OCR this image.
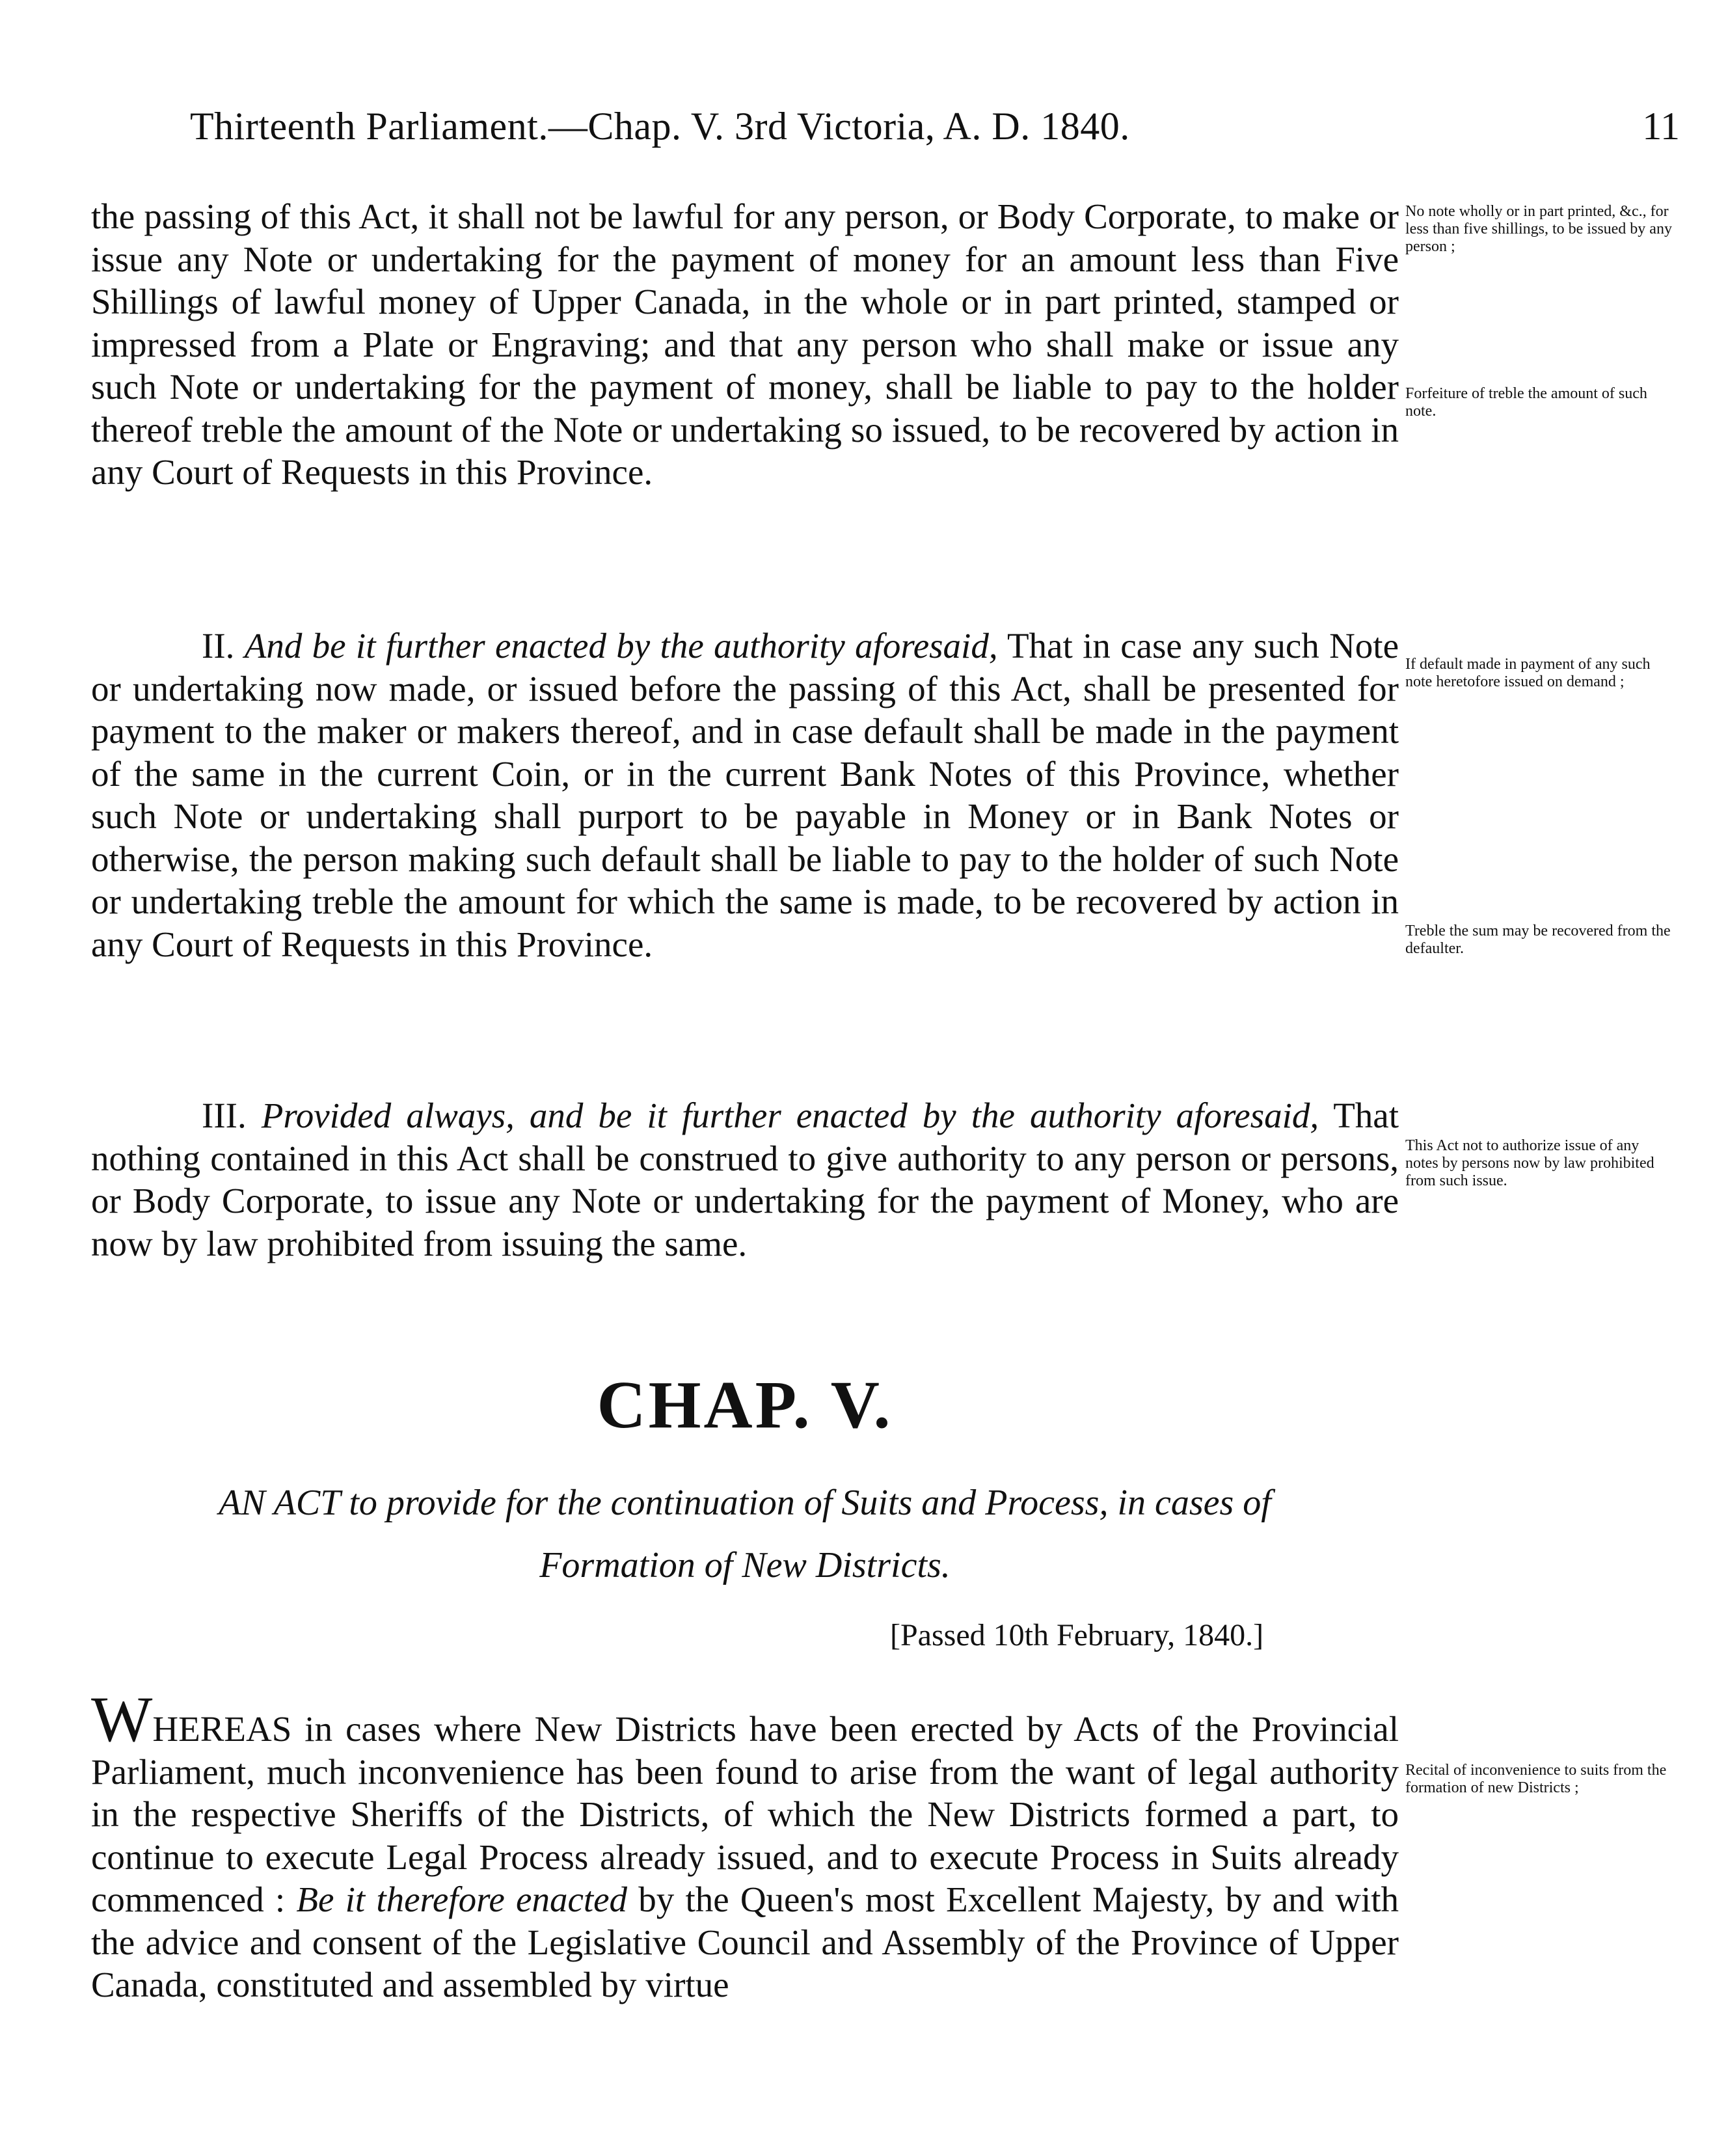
Thirteenth Parliament.—Chap. V. 3rd Victoria, A. D. 1840.	11

the passing of this Act, it shall not be lawful for any person, or Body Corporate, to make or issue any Note or undertaking for the payment of money for an amount less than Five Shillings of lawful money of Upper Canada, in the whole or in part printed, stamped or impressed from a Plate or Engraving; and that any person who shall make or issue any such Note or undertaking for the payment of money, shall be liable to pay to the holder thereof treble the amount of the Note or undertaking so issued, to be recovered by action in any Court of Requests in this Province.

II. And be it further enacted by the authority aforesaid, That in case any such Note or undertaking now made, or issued before the passing of this Act, shall be presented for payment to the maker or makers thereof, and in case default shall be made in the payment of the same in the current Coin, or in the current Bank Notes of this Province, whether such Note or undertaking shall purport to be payable in Money or in Bank Notes or otherwise, the person making such default shall be liable to pay to the holder of such Note or undertaking treble the amount for which the same is made, to be recovered by action in any Court of Requests in this Province.

III. Provided always, and be it further enacted by the authority aforesaid, That nothing contained in this Act shall be construed to give authority to any person or persons, or Body Corporate, to issue any Note or undertaking for the payment of Money, who are now by law prohibited from issuing the same.

CHAP. V.
AN ACT to provide for the continuation of Suits and Process, in cases of
Formation of New Districts.
[Passed 10th February, 1840.]

WHEREAS in cases where New Districts have been erected by Acts of the Provincial Parliament, much inconvenience has been found to arise from the want of legal authority in the respective Sheriffs of the Districts, of which the New Districts formed a part, to continue to execute Legal Process already issued, and to execute Process in Suits already commenced : Be it therefore enacted by the Queen's most Excellent Majesty, by and with the advice and consent of the Legislative Council and Assembly of the Province of Upper Canada, constituted and assembled by virtue

No note wholly or in part printed, &c., for less than five shillings, to be issued by any person ;
Forfeiture of treble the amount of such note.
If default made in payment of any such note heretofore issued on demand ;
Treble the sum may be recovered from the defaulter.
This Act not to authorize issue of any notes by persons now by law prohibited from such issue.
Recital of inconvenience to suits from the formation of new Districts ;
